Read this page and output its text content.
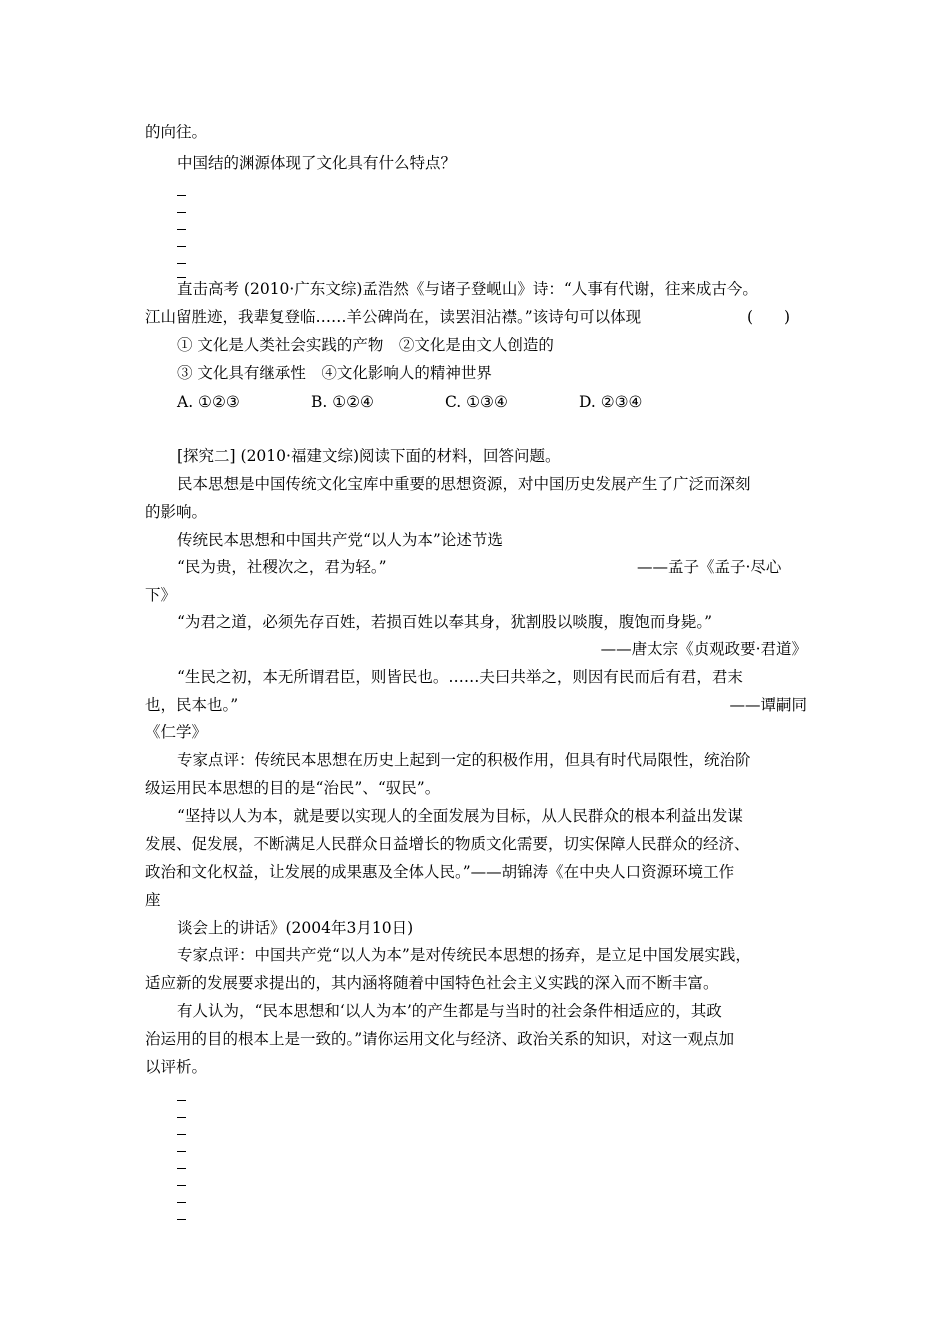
的向往。
中国结的渊源体现了文化具有什么特点？
直击高考 (2010·广东文综)孟浩然《与诸子登岘山》诗：“人事有代谢，往来成古今。
江山留胜迹，我辈复登临……羊公碑尚在，读罢泪沾襟。”该诗句可以体现	(　　)
① 文化是人类社会实践的产物　②文化是由文人创造的
③ 文化具有继承性　④文化影响人的精神世界
A. ①②③	B. ①②④	C. ①③④	D. ②③④
[探究二] (2010·福建文综)阅读下面的材料，回答问题。
民本思想是中国传统文化宝库中重要的思想资源，对中国历史发展产生了广泛而深刻
的影响。
传统民本思想和中国共产党“以人为本”论述节选
“民为贵，社稷次之，君为轻。”	——孟子《孟子·尽心
下》
“为君之道，必须先存百姓，若损百姓以奉其身，犹割股以啖腹，腹饱而身毙。”
——唐太宗《贞观政要·君道》
“生民之初，本无所谓君臣，则皆民也。……夫曰共举之，则因有民而后有君，君末
也，民本也。”	——谭嗣同
《仁学》
专家点评：传统民本思想在历史上起到一定的积极作用，但具有时代局限性，统治阶
级运用民本思想的目的是“治民”、“驭民”。
“坚持以人为本，就是要以实现人的全面发展为目标，从人民群众的根本利益出发谋
发展、促发展，不断满足人民群众日益增长的物质文化需要，切实保障人民群众的经济、
政治和文化权益，让发展的成果惠及全体人民。”——胡锦涛《在中央人口资源环境工作
座
谈会上的讲话》(2004年3月10日)
专家点评：中国共产党“以人为本”是对传统民本思想的扬弃，是立足中国发展实践，
适应新的发展要求提出的，其内涵将随着中国特色社会主义实践的深入而不断丰富。
有人认为，“民本思想和‘以人为本’的产生都是与当时的社会条件相适应的，其政
治运用的目的根本上是一致的。”请你运用文化与经济、政治关系的知识，对这一观点加
以评析。
